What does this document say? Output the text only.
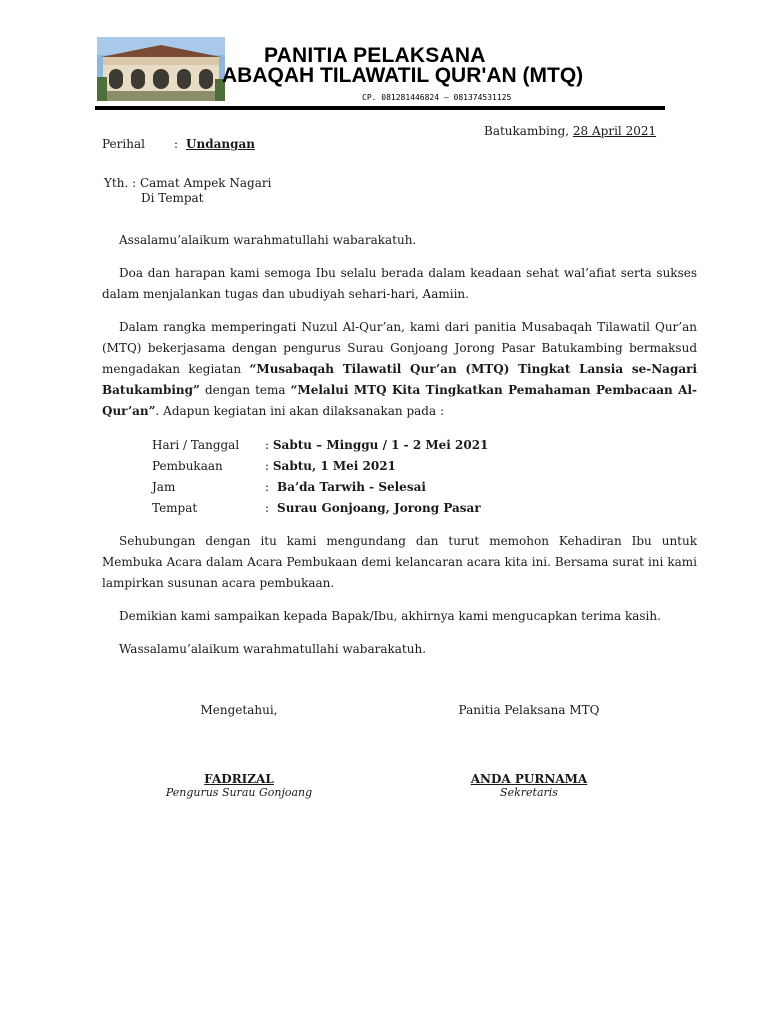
PANITIA PELAKSANA
ABAQAH TILAWATIL QUR'AN (MTQ)
CP. 081281446824 – 081374531125
Batukambing, 28 April 2021
Perihal : Undangan
Yth. : Camat Ampek Nagari
Di Tempat
Assalamu’alaikum warahmatullahi wabarakatuh.
Doa dan harapan kami semoga Ibu selalu berada dalam keadaan sehat wal’afiat serta sukses dalam menjalankan tugas dan ubudiyah sehari-hari, Aamiin.
Dalam rangka memperingati Nuzul Al-Qur’an, kami dari panitia Musabaqah Tilawatil Qur’an (MTQ) bekerjasama dengan pengurus Surau Gonjoang Jorong Pasar Batukambing bermaksud mengadakan kegiatan “Musabaqah Tilawatil Qur’an (MTQ) Tingkat Lansia se-Nagari Batukambing” dengan tema “Melalui MTQ Kita Tingkatkan Pemahaman Pembacaan Al-Qur’an”. Adapun kegiatan ini akan dilaksanakan pada :
Hari / Tanggal : Sabtu – Minggu / 1 - 2 Mei 2021
Pembukaan	: Sabtu, 1 Mei 2021
Jam	:  Ba’da Tarwih - Selesai
Tempat	:  Surau Gonjoang, Jorong Pasar
Sehubungan dengan itu kami mengundang dan turut memohon Kehadiran Ibu untuk Membuka Acara dalam Acara Pembukaan demi kelancaran acara kita ini. Bersama surat ini kami lampirkan susunan acara pembukaan.
Demikian kami sampaikan kepada Bapak/Ibu, akhirnya kami mengucapkan terima kasih.
Wassalamu’alaikum warahmatullahi wabarakatuh.
Mengetahui,
FADRIZAL
Pengurus Surau Gonjoang
Panitia Pelaksana MTQ
ANDA PURNAMA
Sekretaris
